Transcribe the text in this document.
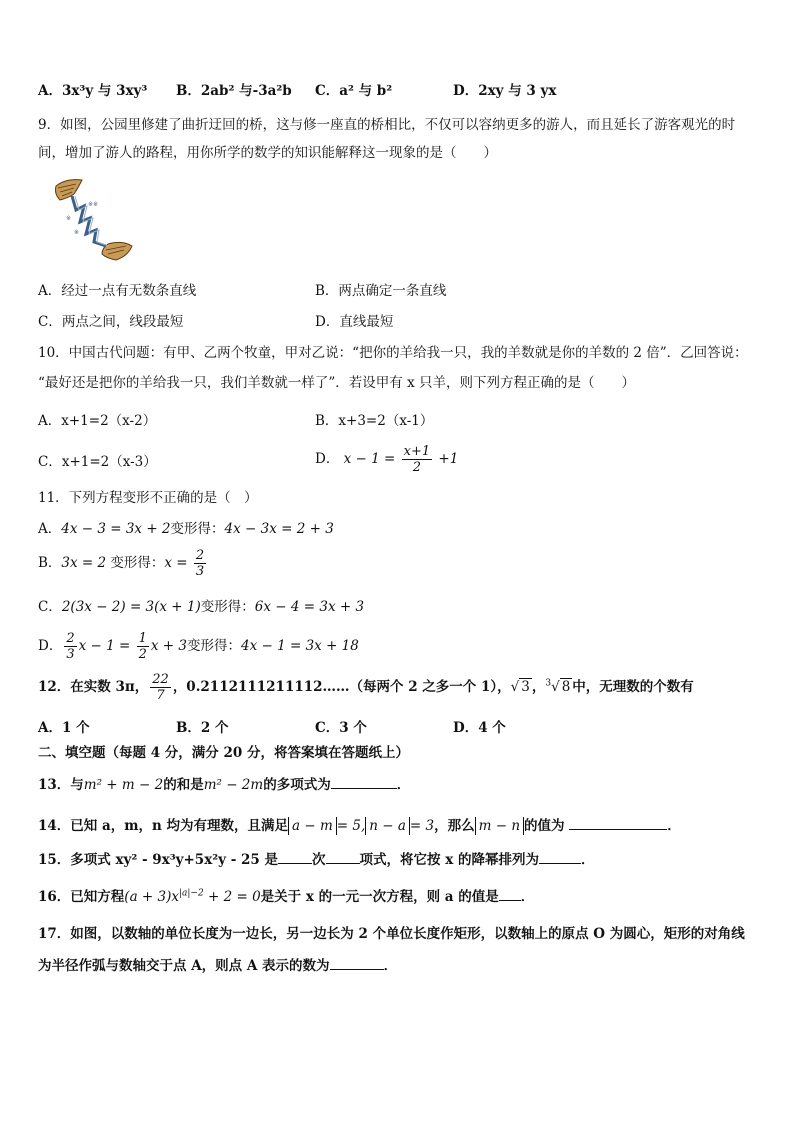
A．3x³y 与 3xy³ B．2ab² 与-3a²b C．a² 与 b²	D．2xy 与 3 yx
9．如图，公园里修建了曲折迂回的桥，这与修一座直的桥相比，不仅可以容纳更多的游人，而且延长了游客观光的时
间，增加了游人的路程，用你所学的数学的知识能解释这一现象的是（　　）
※※
※
※
A．经过一点有无数条直线	B．两点确定一条直线
C．两点之间，线段最短	D．直线最短
10．中国古代问题：有甲、乙两个牧童，甲对乙说：“把你的羊给我一只，我的羊数就是你的羊数的 2 倍”．乙回答说：
“最好还是把你的羊给我一只，我们羊数就一样了”．若设甲有 x 只羊，则下列方程正确的是（　　）
A．x+1=2（x-2）	B．x+3=2（x-1）
C．x+1=2（x-3）	D． $x - 1 = \frac{x+1}{2} +1$
11．下列方程变形不正确的是（　）
A．4x − 3 = 3x + 2变形得：4x − 3x = 2 + 3
B．3x = 2 变形得：$x = \frac{2}{3}$
C．2(3x − 2) = 3(x + 1)变形得：6x − 4 = 3x + 3
D． $\frac{2}{3}$ $x - 1 = \frac{1}{2}$ x + 3变形得：4x − 1 = 3x + 18
12．在实数 3π， $\frac{22}{7}$ ，0.2112111211112……（每两个 2 之多一个 1），√ 3 ，$^3$√ 8 中，无理数的个数有
A．1 个	B．2 个	C．3 个	D．4 个
二、填空题（每题 4 分，满分 20 分，将答案填在答题纸上）
13．与m² + m − 2的和是m² − 2m的多项式为	．
14．已知 a，m，n 均为有理数，且满足 a − m = 5, n − a = 3，那么 m − n 的值为	．
15．多项式 xy² - 9x³y+5x²y - 25 是	次	项式，将它按 x 的降幂排列为	．
16．已知方程$(a + 3)x^{|a|-2} + 2 = 0$是关于 x 的一元一次方程，则 a 的值是 ．
17．如图，以数轴的单位长度为一边长，另一边长为 2 个单位长度作矩形，以数轴上的原点 O 为圆心，矩形的对角线
为半径作弧与数轴交于点 A，则点 A 表示的数为	．
